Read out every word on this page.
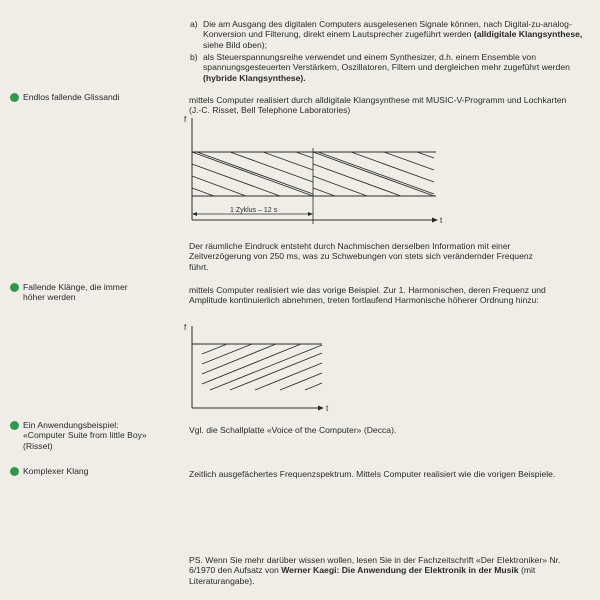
a) Die am Ausgang des digitalen Computers ausgelesenen Signale können, nach Digital-zu-analog-Konversion und Filterung, direkt einem Lautsprecher zugeführt werden (alldigitale Klangsynthese, siehe Bild oben);
b) als Steuerspannungsreihe verwendet und einem Synthesizer, d.h. einem Ensemble von spannungsgesteuerten Verstärkern, Oszillatoren, Filtern und dergleichen mehr zugeführt werden (hybride Klangsynthese).
Endlos fallende Glissandi	mittels Computer realisiert durch alldigitale Klangsynthese mit MUSIC-V-Programm und Lochkarten (J.-C. Risset, Bell Telephone Laboratories)
f
t
1 Zyklus – 12 s
Der räumliche Eindruck entsteht durch Nachmischen derselben Information mit einer Zeitverzögerung von 250 ms, was zu Schwebungen von stets sich verändernder Frequenz führt.
Fallende Klänge, die immer
höher werden
mittels Computer realisiert wie das vorige Beispiel. Zur 1. Harmonischen, deren Frequenz und Amplitude kontinuierlich abnehmen, treten fortlaufend Harmonische höherer Ordnung hinzu:
f
t
Ein Anwendungsbeispiel:
«Computer Suite from little Boy»
(Risset)
Vgl. die Schallplatte «Voice of the Computer» (Decca).
Komplexer Klang	Zeitlich ausgefächertes Frequenzspektrum. Mittels Computer realisiert wie die vorigen Beispiele.
PS. Wenn Sie mehr darüber wissen wollen, lesen Sie in der Fachzeitschrift «Der Elektroniker» Nr. 6/1970 den Aufsatz von Werner Kaegi: Die Anwendung der Elektronik in der Musik (mit Literaturangabe).
